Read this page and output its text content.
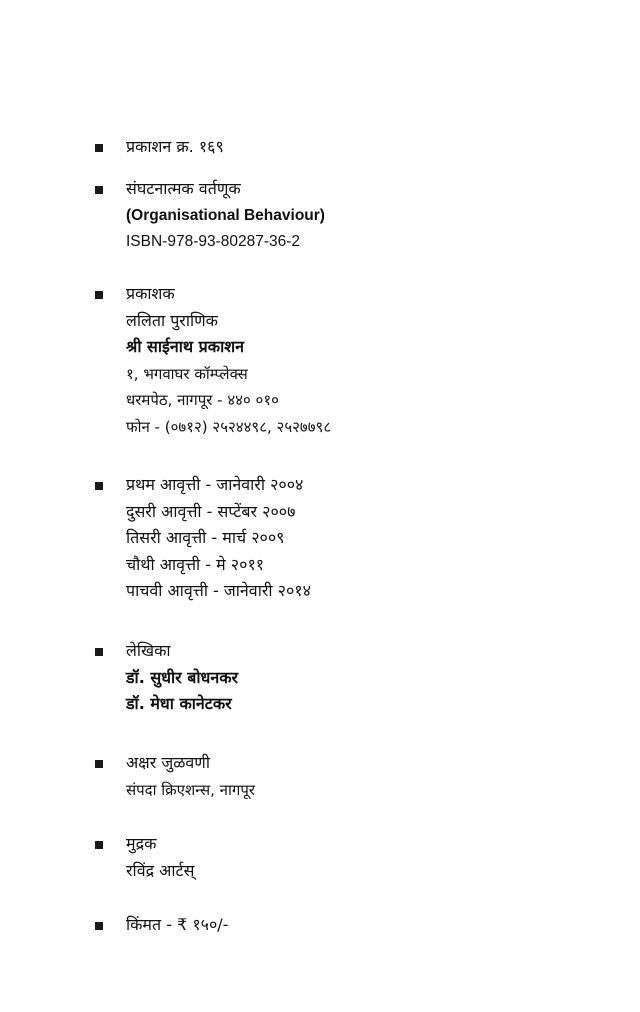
प्रकाशन क्र. १६९
संघटनात्मक वर्तणूक
(Organisational Behaviour)
ISBN-978-93-80287-36-2
प्रकाशक
ललिता पुराणिक
श्री साईनाथ प्रकाशन
१, भगवाघर कॉम्प्लेक्स
धरमपेठ, नागपूर - ४४० ०१०
फोन - (०७१२) २५२४४९८, २५२७७९८
प्रथम आवृत्ती - जानेवारी २००४
दुसरी आवृत्ती - सप्टेंबर २००७
तिसरी आवृत्ती - मार्च २००९
चौथी आवृत्ती - मे २०११
पाचवी आवृत्ती - जानेवारी २०१४
लेखिका
डॉ. सुधीर बोधनकर
डॉ. मेधा कानेटकर
अक्षर जुळवणी
संपदा क्रिएशन्स, नागपूर
मुद्रक
रविंद्र आर्टस्
किंमत - ₹ १५०/-
